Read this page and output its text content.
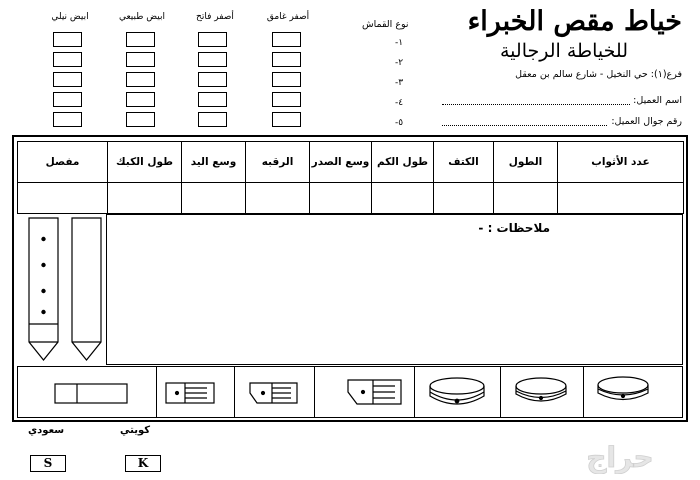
خياط مقص الخبراء
للخياطة الرجالية
فرع(١): حي النخيل - شارع سالم بن معقل
اسم العميل:
رقم جوال العميل:
نوع القماش
أصفر غامق
أصفر فاتح
ابيض طبيعي
ابيض نيلي
١-
٢-
٣-
٤-
٥-
مفصل	طول الكبك	وسع اليد	الرقبه	وسع الصدر	طول الكم	الكتف	الطول	عدد الأثواب

ملاحظات : -
سعودي
S
كويتي
K	حراج
